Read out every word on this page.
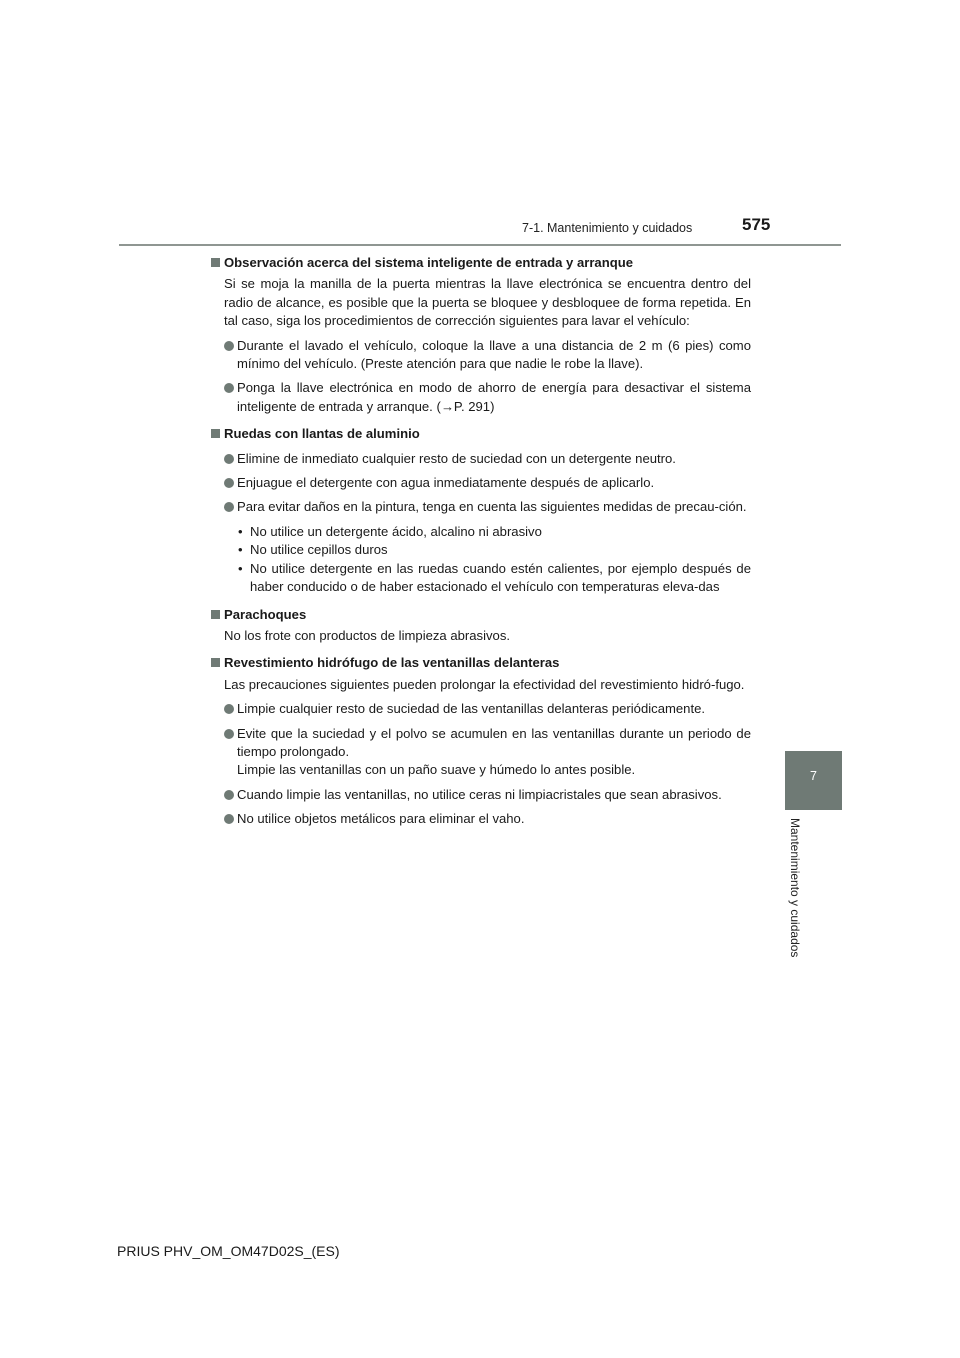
7-1. Mantenimiento y cuidados	575
7
Mantenimiento y cuidados
Observación acerca del sistema inteligente de entrada y arranque
Si se moja la manilla de la puerta mientras la llave electrónica se encuentra dentro del radio de alcance, es posible que la puerta se bloquee y desbloquee de forma repetida. En tal caso, siga los procedimientos de corrección siguientes para lavar el vehículo:
Durante el lavado el vehículo, coloque la llave a una distancia de 2 m (6 pies) como mínimo del vehículo. (Preste atención para que nadie le robe la llave).
Ponga la llave electrónica en modo de ahorro de energía para desactivar el sistema inteligente de entrada y arranque. (→P. 291)
Ruedas con llantas de aluminio
Elimine de inmediato cualquier resto de suciedad con un detergente neutro.
Enjuague el detergente con agua inmediatamente después de aplicarlo.
Para evitar daños en la pintura, tenga en cuenta las siguientes medidas de precau-ción.
• No utilice un detergente ácido, alcalino ni abrasivo
• No utilice cepillos duros
• No utilice detergente en las ruedas cuando estén calientes, por ejemplo después de haber conducido o de haber estacionado el vehículo con temperaturas eleva-das
Parachoques
No los frote con productos de limpieza abrasivos.
Revestimiento hidrófugo de las ventanillas delanteras
Las precauciones siguientes pueden prolongar la efectividad del revestimiento hidró-fugo.
Limpie cualquier resto de suciedad de las ventanillas delanteras periódicamente.
Evite que la suciedad y el polvo se acumulen en las ventanillas durante un periodo de tiempo prolongado.
Limpie las ventanillas con un paño suave y húmedo lo antes posible.
Cuando limpie las ventanillas, no utilice ceras ni limpiacristales que sean abrasivos.
No utilice objetos metálicos para eliminar el vaho.
PRIUS PHV_OM_OM47D02S_(ES)
